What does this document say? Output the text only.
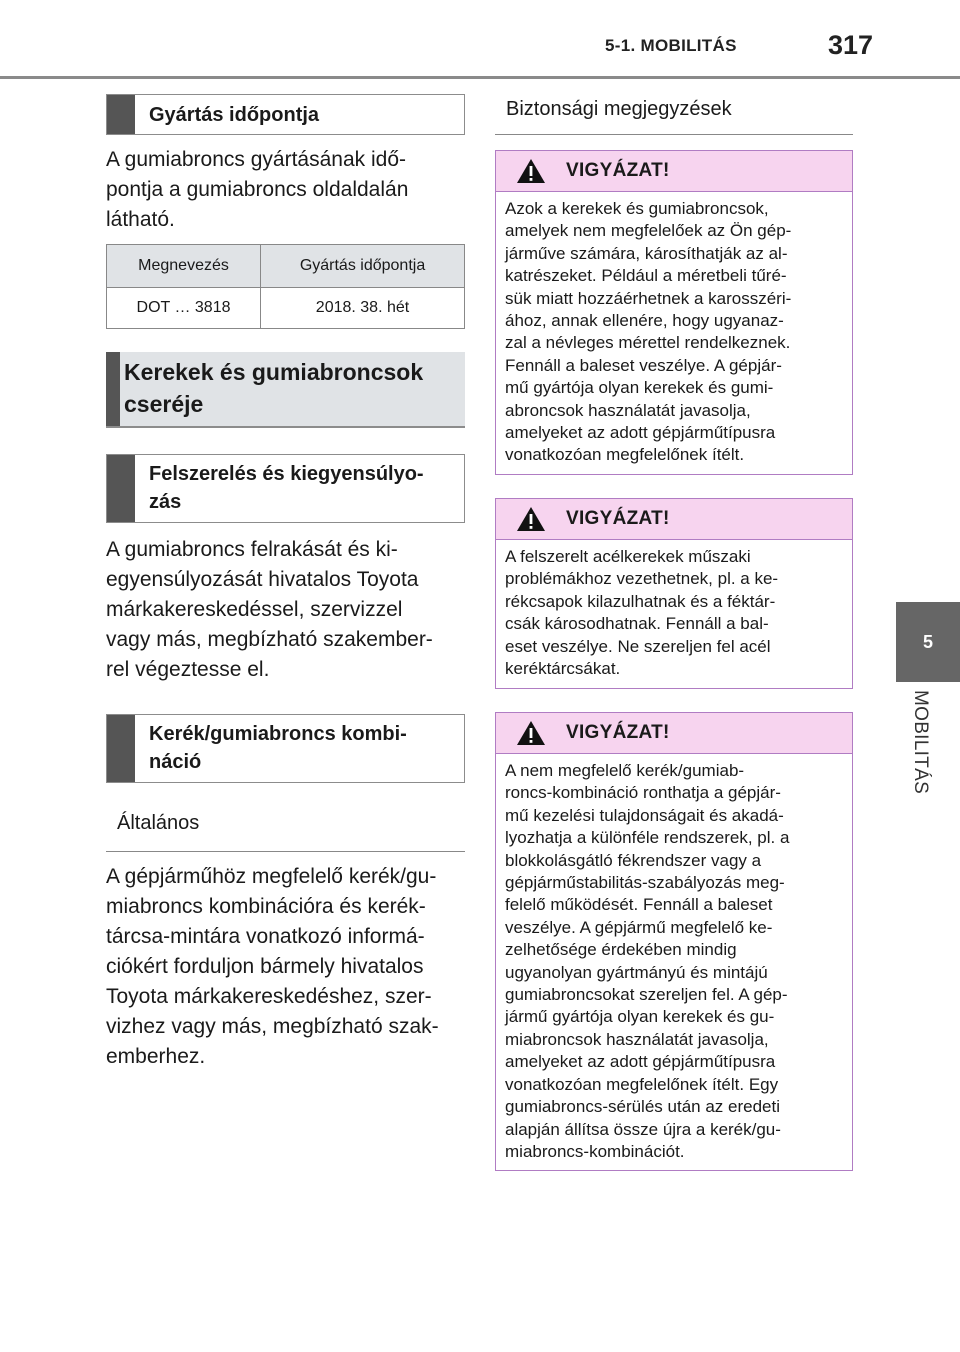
5-1. MOBILITÁS	317
5
MOBILITÁS
Gyártás időpontja
A gumiabroncs gyártásának idő-
pontja a gumiabroncs oldaldalán
látható.
Megnevezés	Gyártás időpontja
DOT … 3818	2018. 38. hét
Kerekek és gumiabroncsok
cseréje
Felszerelés és kiegyensúlyo-
zás
A gumiabroncs felrakását és ki-
egyensúlyozását hivatalos Toyota
márkakereskedéssel, szervizzel
vagy más, megbízható szakember-
rel végeztesse el.
Kerék/gumiabroncs kombi-
náció
Általános
A gépjárműhöz megfelelő kerék/gu-
miabroncs kombinációra és kerék-
tárcsa-mintára vonatkozó informá-
ciókért forduljon bármely hivatalos
Toyota márkakereskedéshez, szer-
vizhez vagy más, megbízható szak-
emberhez.
Biztonsági megjegyzések
VIGYÁZAT!
Azok a kerekek és gumiabroncsok,
amelyek nem megfelelőek az Ön gép-
járműve számára, károsíthatják az al-
katrészeket. Például a méretbeli tűré-
sük miatt hozzáérhetnek a karosszéri-
ához, annak ellenére, hogy ugyanaz-
zal a névleges mérettel rendelkeznek.
Fennáll a baleset veszélye. A gépjár-
mű gyártója olyan kerekek és gumi-
abroncsok használatát javasolja,
amelyeket az adott gépjárműtípusra
vonatkozóan megfelelőnek ítélt.
VIGYÁZAT!
A felszerelt acélkerekek műszaki
problémákhoz vezethetnek, pl. a ke-
rékcsapok kilazulhatnak és a féktár-
csák károsodhatnak. Fennáll a bal-
eset veszélye. Ne szereljen fel acél
keréktárcsákat.
VIGYÁZAT!
A nem megfelelő kerék/gumiab-
roncs-kombináció ronthatja a gépjár-
mű kezelési tulajdonságait és akadá-
lyozhatja a különféle rendszerek, pl. a
blokkolásgátló fékrendszer vagy a
gépjárműstabilitás-szabályozás meg-
felelő működését. Fennáll a baleset
veszélye. A gépjármű megfelelő ke-
zelhetősége érdekében mindig
ugyanolyan gyártmányú és mintájú
gumiabroncsokat szereljen fel. A gép-
jármű gyártója olyan kerekek és gu-
miabroncsok használatát javasolja,
amelyeket az adott gépjárműtípusra
vonatkozóan megfelelőnek ítélt. Egy
gumiabroncs-sérülés után az eredeti
alapján állítsa össze újra a kerék/gu-
miabroncs-kombinációt.
